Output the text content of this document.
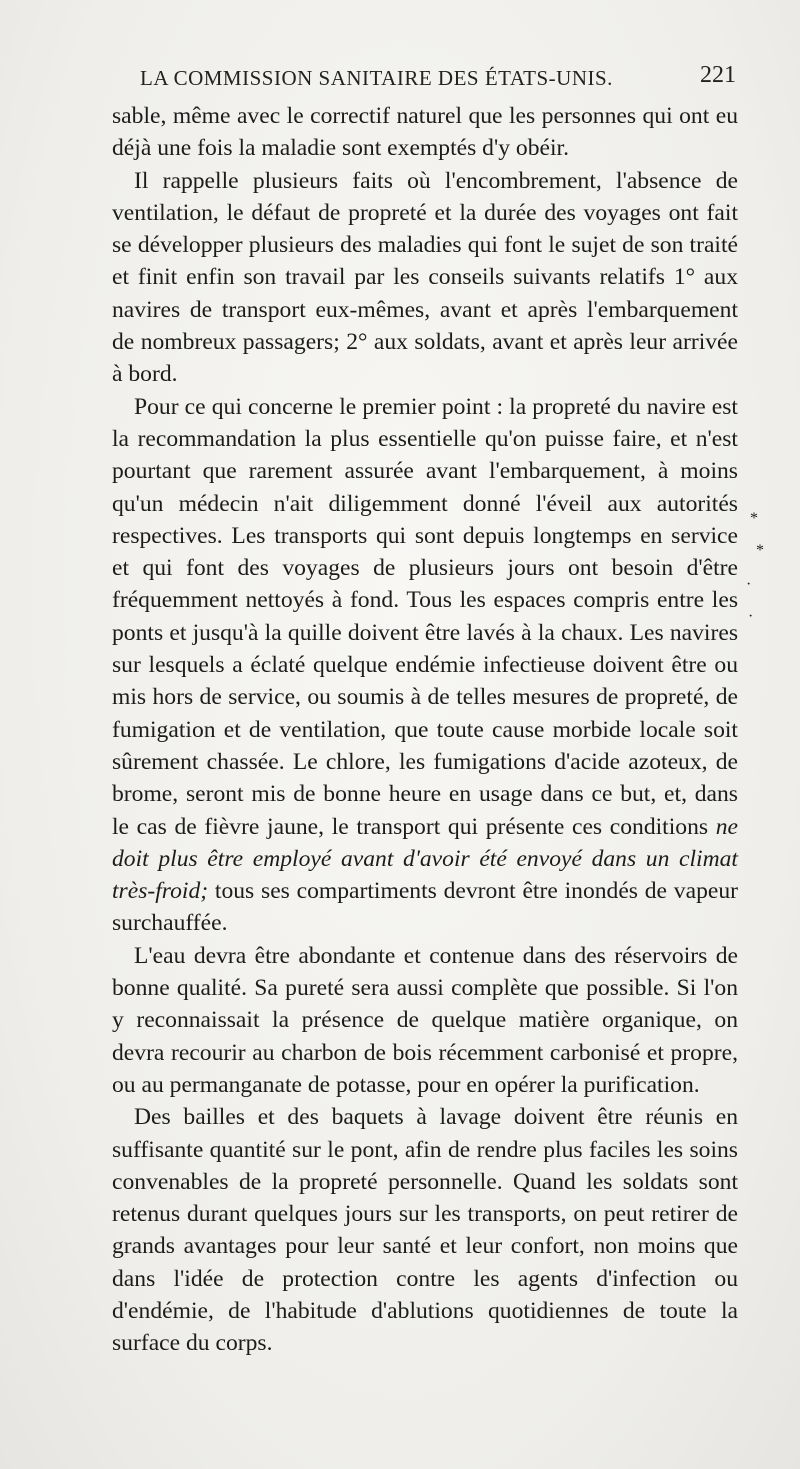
LA COMMISSION SANITAIRE DES ÉTATS-UNIS.	221

sable, même avec le correctif naturel que les personnes qui ont eu déjà une fois la maladie sont exemptés d'y obéir.

Il rappelle plusieurs faits où l'encombrement, l'absence de ventilation, le défaut de propreté et la durée des voyages ont fait se développer plusieurs des maladies qui font le sujet de son traité et finit enfin son travail par les conseils suivants relatifs 1° aux navires de transport eux-mêmes, avant et après l'embarquement de nombreux passagers; 2° aux soldats, avant et après leur arrivée à bord.

Pour ce qui concerne le premier point : la propreté du navire est la recommandation la plus essentielle qu'on puisse faire, et n'est pourtant que rarement assurée avant l'embarquement, à moins qu'un médecin n'ait diligemment donné l'éveil aux autorités respectives. Les transports qui sont depuis longtemps en service et qui font des voyages de plusieurs jours ont besoin d'être fréquemment nettoyés à fond. Tous les espaces compris entre les ponts et jusqu'à la quille doivent être lavés à la chaux. Les navires sur lesquels a éclaté quelque endémie infectieuse doivent être ou mis hors de service, ou soumis à de telles mesures de propreté, de fumigation et de ventilation, que toute cause morbide locale soit sûrement chassée. Le chlore, les fumigations d'acide azoteux, de brome, seront mis de bonne heure en usage dans ce but, et, dans le cas de fièvre jaune, le transport qui présente ces conditions ne doit plus être employé avant d'avoir été envoyé dans un climat très-froid; tous ses compartiments devront être inondés de vapeur surchauffée.

L'eau devra être abondante et contenue dans des réservoirs de bonne qualité. Sa pureté sera aussi complète que possible. Si l'on y reconnaissait la présence de quelque matière organique, on devra recourir au charbon de bois récemment carbonisé et propre, ou au permanganate de potasse, pour en opérer la purification.

Des bailles et des baquets à lavage doivent être réunis en suffisante quantité sur le pont, afin de rendre plus faciles les soins convenables de la propreté personnelle. Quand les soldats sont retenus durant quelques jours sur les transports, on peut retirer de grands avantages pour leur santé et leur confort, non moins que dans l'idée de protection contre les agents d'infection ou d'endémie, de l'habitude d'ablutions quotidiennes de toute la surface du corps.

*
*
·
·
